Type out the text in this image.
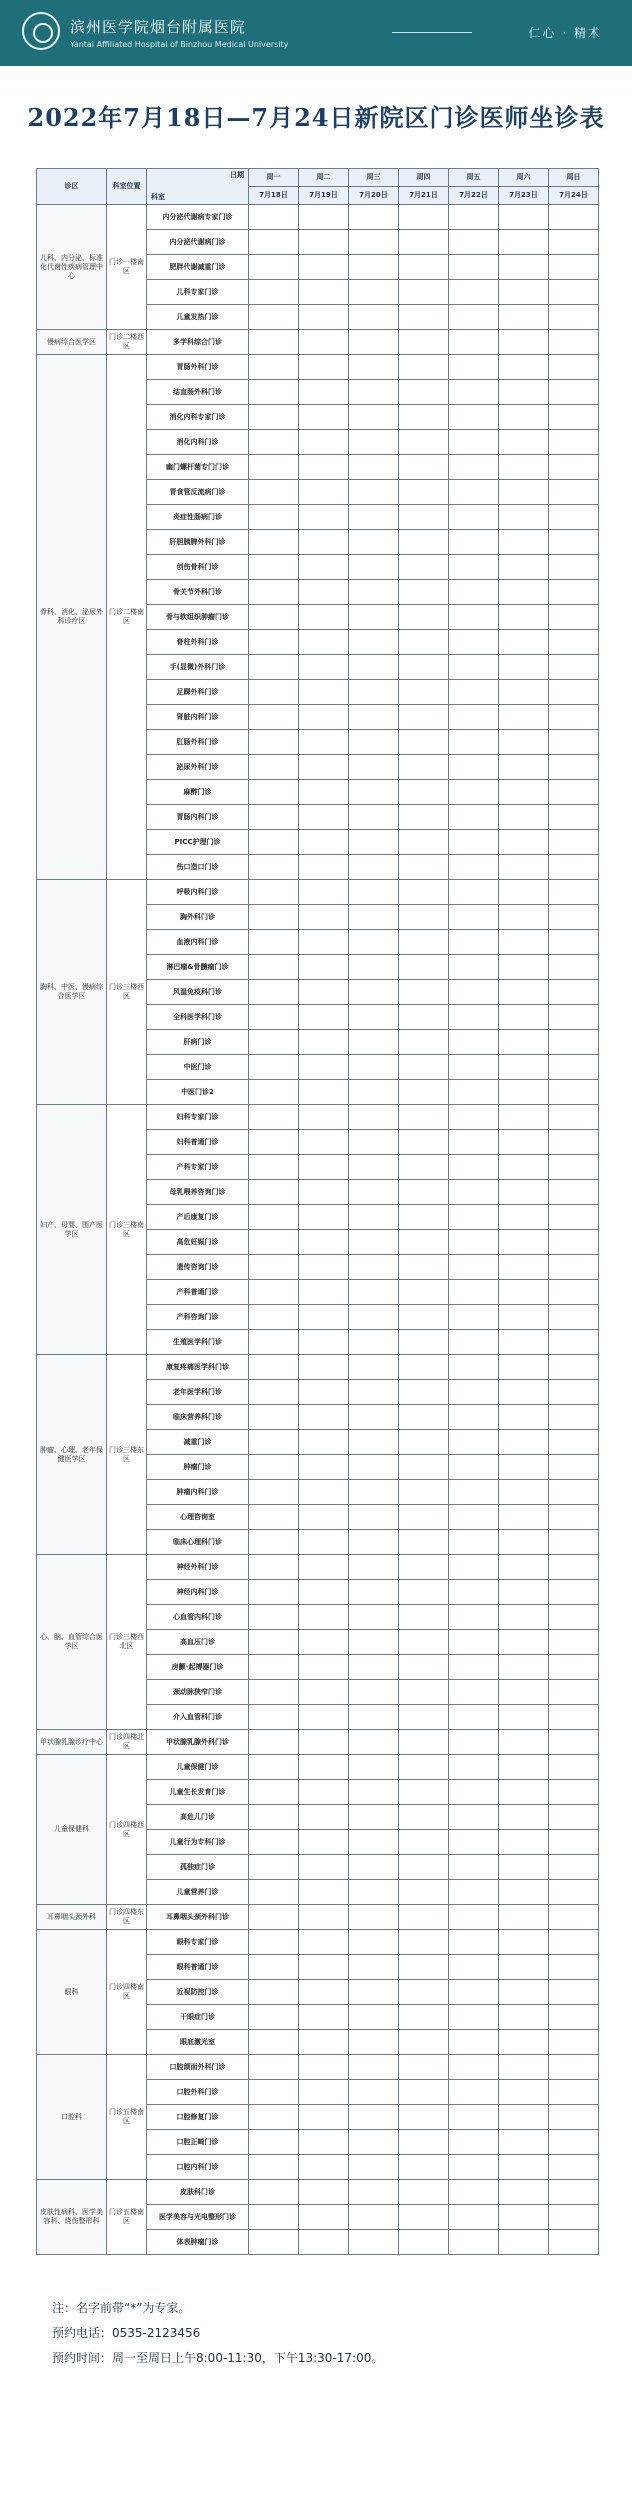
滨州医学院烟台附属医院
Yantai Affiliated Hospital of Binzhou Medical University
仁心 · 精术
2022年7月18日—7月24日新院区门诊医师坐诊表
诊区	科室位置	日期
科室	周一	周二	周三	周四	周五	周六	周日
			7月18日	7月19日	7月20日	7月21日	7月22日	7月23日	7月24日
儿科、内分泌、标准化代谢性疾病管理中心	门诊一楼南区	内分泌代谢病专家门诊							
		内分泌代谢病门诊							
		肥胖代谢减重门诊							
		儿科专家门诊							
		儿童发热门诊							
慢病综合医学区	门诊二楼西区	多学科综合门诊							
骨科、消化、泌尿外科诊疗区	门诊二楼南区	胃肠外科门诊							
		结直肠外科门诊							
		消化内科专家门诊							
		消化内科门诊							
		幽门螺杆菌专门门诊							
		胃食管反流病门诊							
		炎症性肠病门诊							
		肝胆胰脾外科门诊							
		创伤骨科门诊							
		骨关节外科门诊							
		骨与软组织肿瘤门诊							
		脊柱外科门诊							
		手(显微)外科门诊							
		足踝外科门诊							
		肾脏内科门诊							
		肛肠外科门诊							
		泌尿外科门诊							
		麻醉门诊							
		胃肠内科门诊							
		PICC护理门诊							
		伤口造口门诊							
胸科、中医、慢病综合医学区	门诊三楼西区	呼吸内科门诊							
		胸外科门诊							
		血液内科门诊							
		淋巴瘤&骨髓瘤门诊							
		风湿免疫科门诊							
		全科医学科门诊							
		肝病门诊							
		中医门诊							
		中医门诊2							
妇产、母婴、围产医学区	门诊三楼南区	妇科专家门诊							
		妇科普通门诊							
		产科专家门诊							
		母乳喂养咨询门诊							
		产后康复门诊							
		高危妊娠门诊							
		遗传咨询门诊							
		产科普通门诊							
		产科咨询门诊							
		生殖医学科门诊							
肿瘤、心理、老年保健医学区	门诊三楼东区	康复疼痛医学科门诊							
		老年医学科门诊							
		临床营养科门诊							
		减重门诊							
		肿瘤门诊							
		肿瘤内科门诊							
		心理咨询室							
		临床心理科门诊							
心、脑、血管综合医学区	门诊三楼西北区	神经外科门诊							
		神经内科门诊							
		心血管内科门诊							
		高血压门诊							
		房颤·起搏器门诊							
		颈动脉狭窄门诊							
		介入血管科门诊							
甲状腺乳腺诊疗中心	门诊四楼北区	甲状腺乳腺外科门诊							
儿童保健科	门诊四楼西区	儿童保健门诊							
		儿童生长发育门诊							
		高危儿门诊							
		儿童行为专科门诊							
		孤独症门诊							
		儿童营养门诊							
耳鼻咽头颈外科	门诊四楼东区	耳鼻咽头颈外科门诊							
眼科	门诊四楼南区	眼科专家门诊							
		眼科普通门诊							
		近视防控门诊							
		干眼症门诊							
		眼底激光室							
口腔科	门诊五楼南区	口腔颌面外科门诊							
		口腔外科门诊							
		口腔修复门诊							
		口腔正畸门诊							
		口腔内科门诊							
皮肤性病科、医学美容科、烧伤整形科	门诊五楼南区	皮肤科门诊							
		医学美容与光电整形门诊							
		体表肿瘤门诊							
注：名字前带“*”为专家。
预约电话：0535-2123456
预约时间：周一至周日上午8:00-11:30，下午13:30-17:00。
